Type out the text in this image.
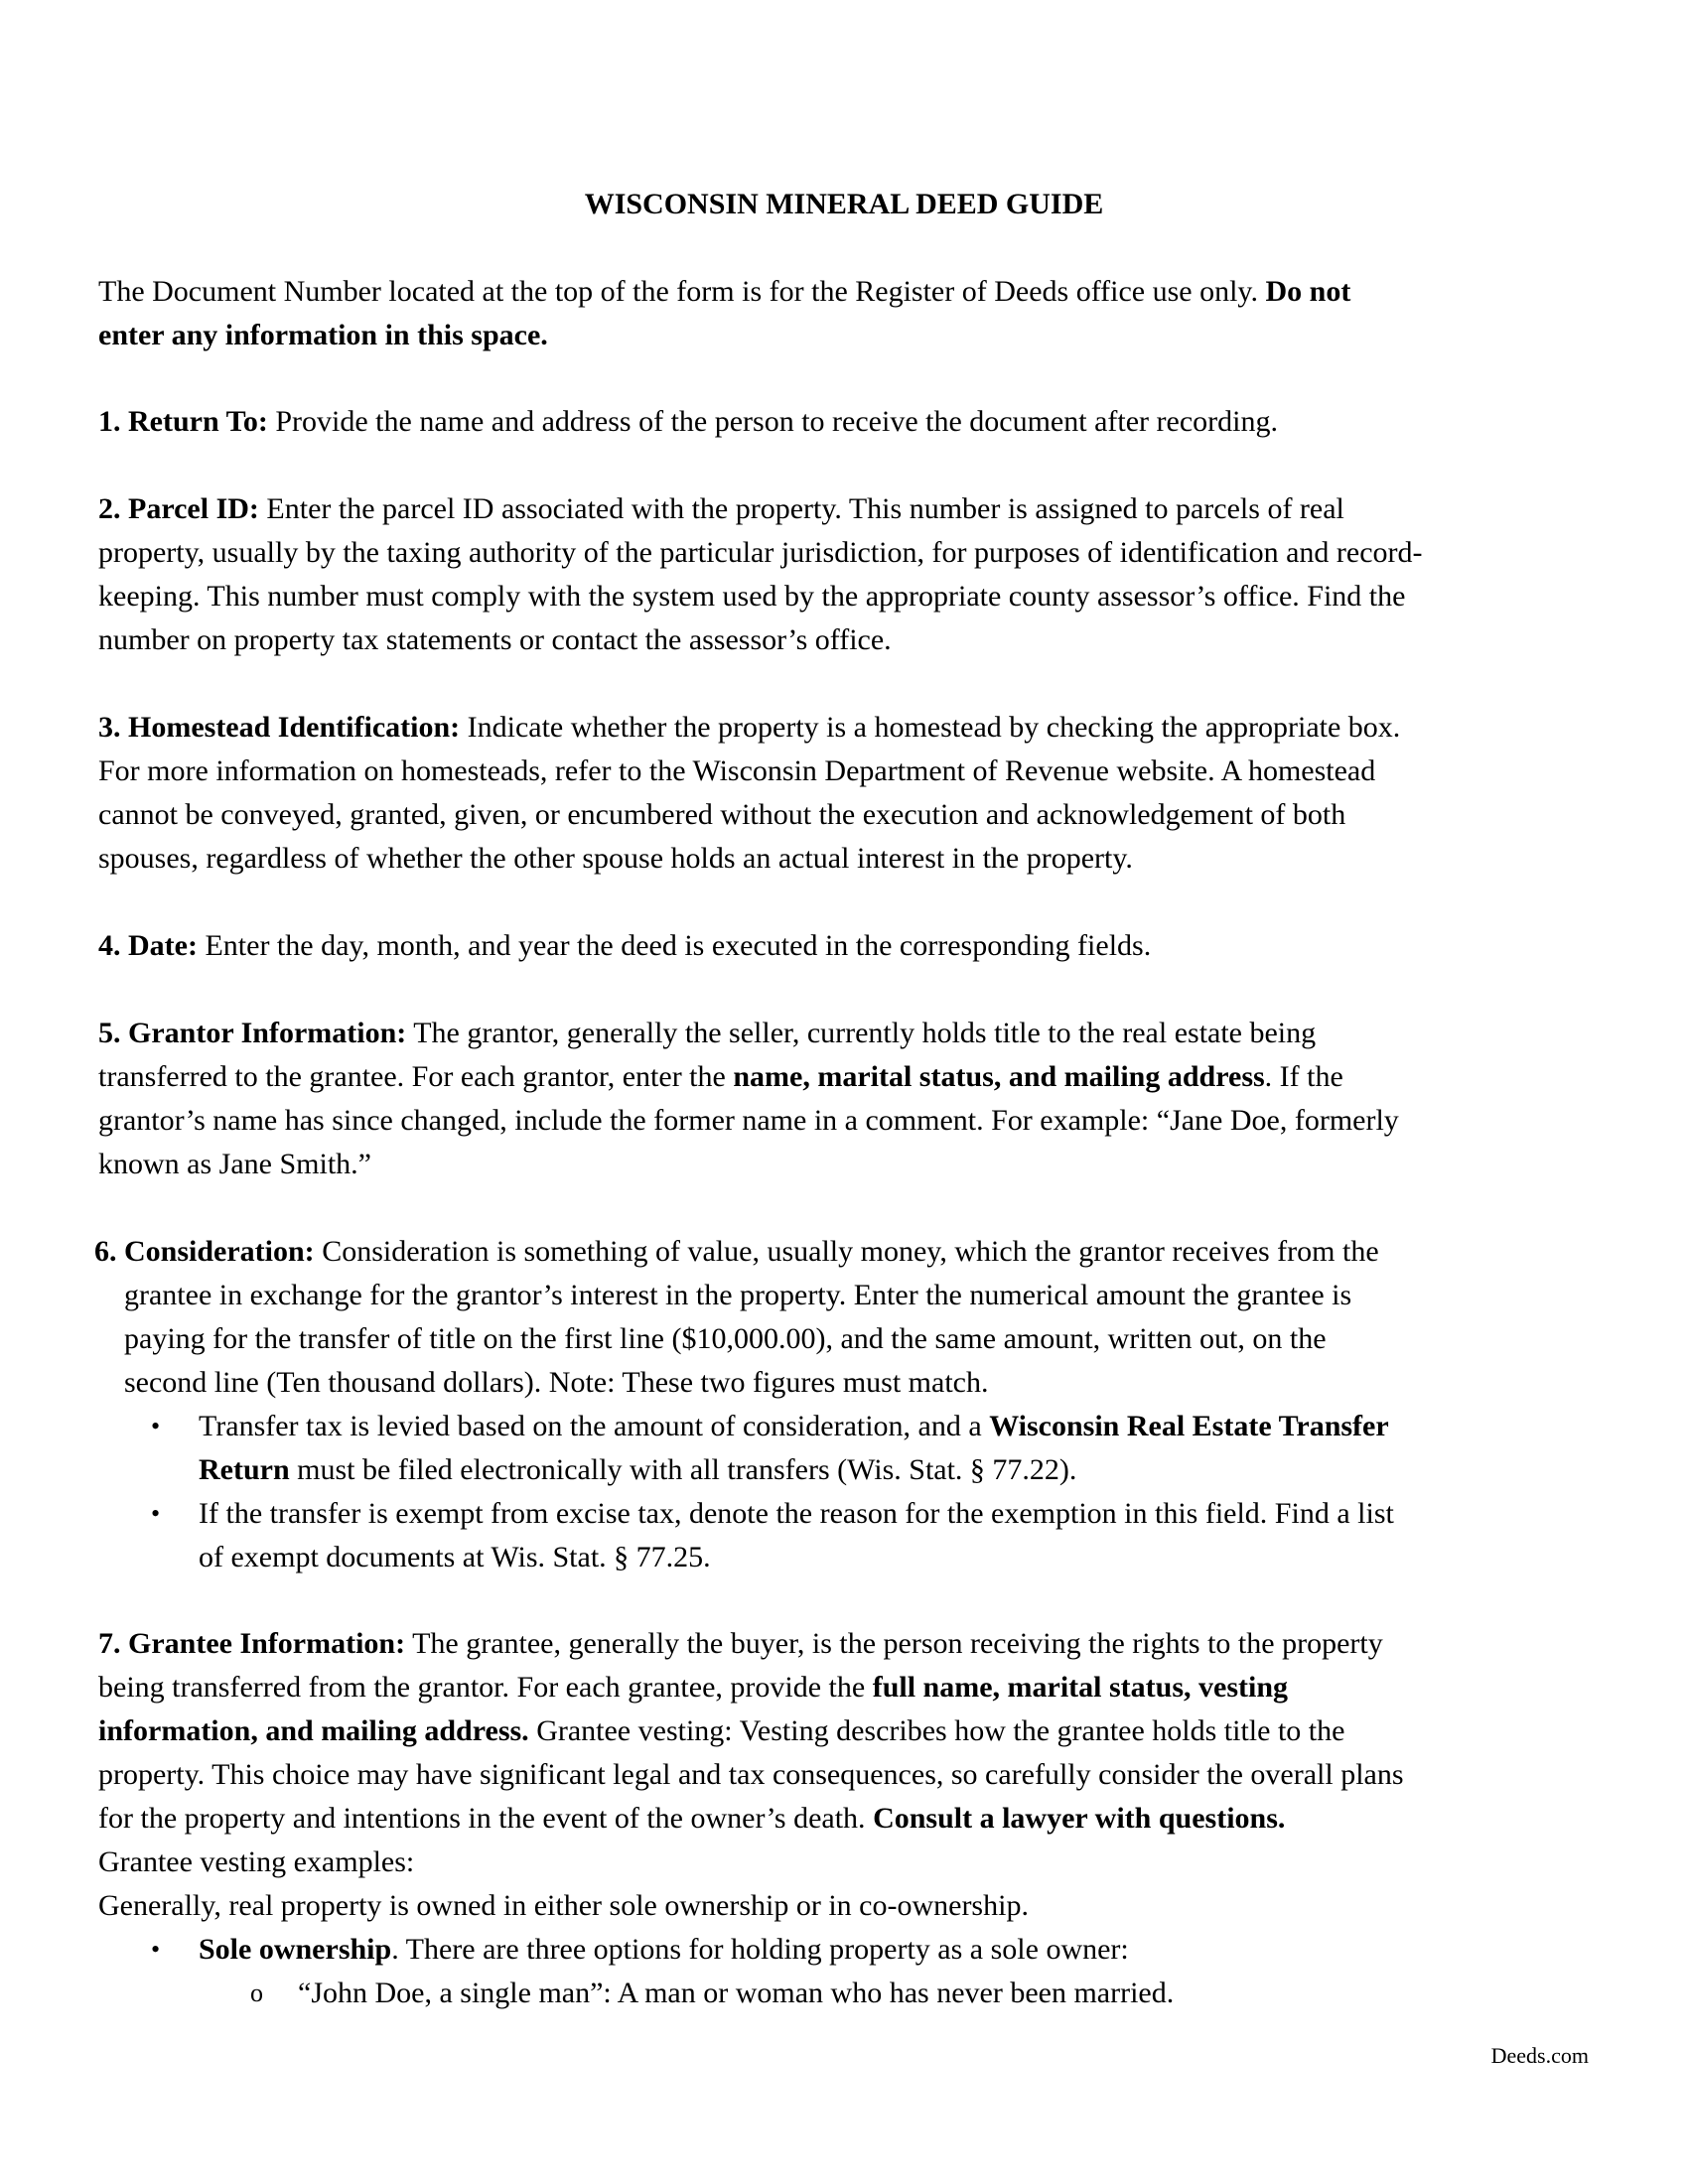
WISCONSIN MINERAL DEED GUIDE
The Document Number located at the top of the form is for the Register of Deeds office use only. Do not
enter any information in this space.
1. Return To: Provide the name and address of the person to receive the document after recording.
2. Parcel ID: Enter the parcel ID associated with the property. This number is assigned to parcels of real
property, usually by the taxing authority of the particular jurisdiction, for purposes of identification and record-
keeping. This number must comply with the system used by the appropriate county assessor’s office. Find the
number on property tax statements or contact the assessor’s office.
3. Homestead Identification: Indicate whether the property is a homestead by checking the appropriate box.
For more information on homesteads, refer to the Wisconsin Department of Revenue website. A homestead
cannot be conveyed, granted, given, or encumbered without the execution and acknowledgement of both
spouses, regardless of whether the other spouse holds an actual interest in the property.
4. Date: Enter the day, month, and year the deed is executed in the corresponding fields.
5. Grantor Information: The grantor, generally the seller, currently holds title to the real estate being
transferred to the grantee. For each grantor, enter the name, marital status, and mailing address. If the
grantor’s name has since changed, include the former name in a comment. For example: “Jane Doe, formerly
known as Jane Smith.”
6. Consideration: Consideration is something of value, usually money, which the grantor receives from the
grantee in exchange for the grantor’s interest in the property. Enter the numerical amount the grantee is
paying for the transfer of title on the first line ($10,000.00), and the same amount, written out, on the
second line (Ten thousand dollars). Note: These two figures must match.
• Transfer tax is levied based on the amount of consideration, and a Wisconsin Real Estate Transfer
Return must be filed electronically with all transfers (Wis. Stat. § 77.22).
• If the transfer is exempt from excise tax, denote the reason for the exemption in this field. Find a list
of exempt documents at Wis. Stat. § 77.25.
7. Grantee Information: The grantee, generally the buyer, is the person receiving the rights to the property
being transferred from the grantor. For each grantee, provide the full name, marital status, vesting
information, and mailing address. Grantee vesting: Vesting describes how the grantee holds title to the
property. This choice may have significant legal and tax consequences, so carefully consider the overall plans
for the property and intentions in the event of the owner’s death. Consult a lawyer with questions.
Grantee vesting examples:
Generally, real property is owned in either sole ownership or in co-ownership.
• Sole ownership. There are three options for holding property as a sole owner:
o “John Doe, a single man”: A man or woman who has never been married.
Deeds.com
